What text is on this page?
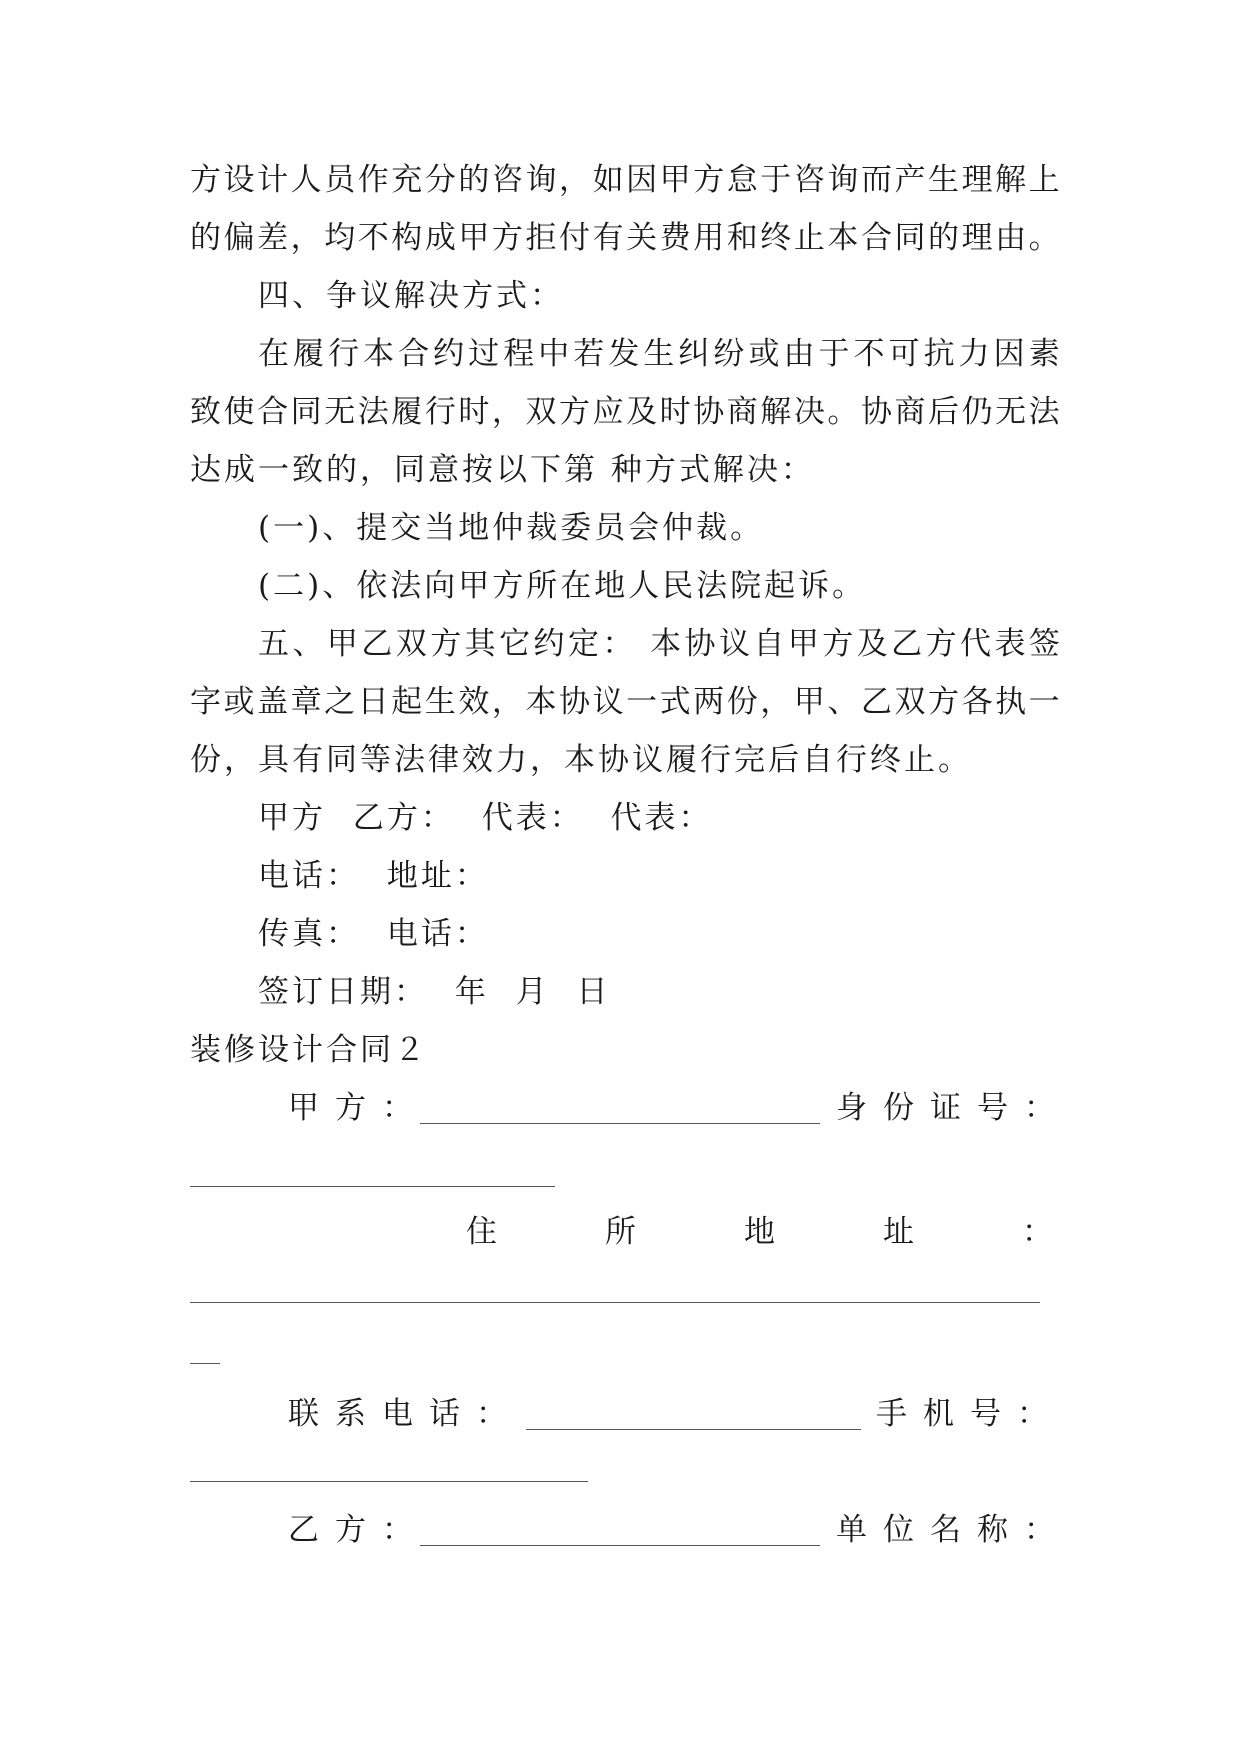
方 设 计 人 员 作 充 分 的 咨 询 ， 如 因 甲 方 怠 于 咨 询 而 产 生 理 解 上
的 偏 差 ， 均 不 构 成 甲 方 拒 付 有 关 费 用 和 终 止 本 合 同 的 理 由 。
四、争议解决方式：
在 履 行 本 合 约 过 程 中 若 发 生 纠 纷 或 由 于 不 可 抗 力 因 素
致 使 合 同 无 法 履 行 时 ， 双 方 应 及 时 协 商 解 决 。 协 商 后 仍 无 法
达成一致的，同意按以下第 种方式解决：
(一)、提交当地仲裁委员会仲裁。
(二)、依法向甲方所在地人民法院起诉。
五 、 甲 乙 双 方 其 它 约 定 ：
本 协 议 自 甲 方 及 乙 方 代 表 签
字 或 盖 章 之 日 起 生 效 ， 本 协 议 一 式 两 份 ， 甲 、 乙 双 方 各 执 一
份，具有同等法律效力，本协议履行完后自行终止。
甲方 乙方： 代表： 代表：
电话： 地址：
传真： 电话：
签订日期： 年 月 日
装修设计合同２
甲方：	身份证号：
住所地址：
联系电话：	手机号：
乙方：	单位名称：
